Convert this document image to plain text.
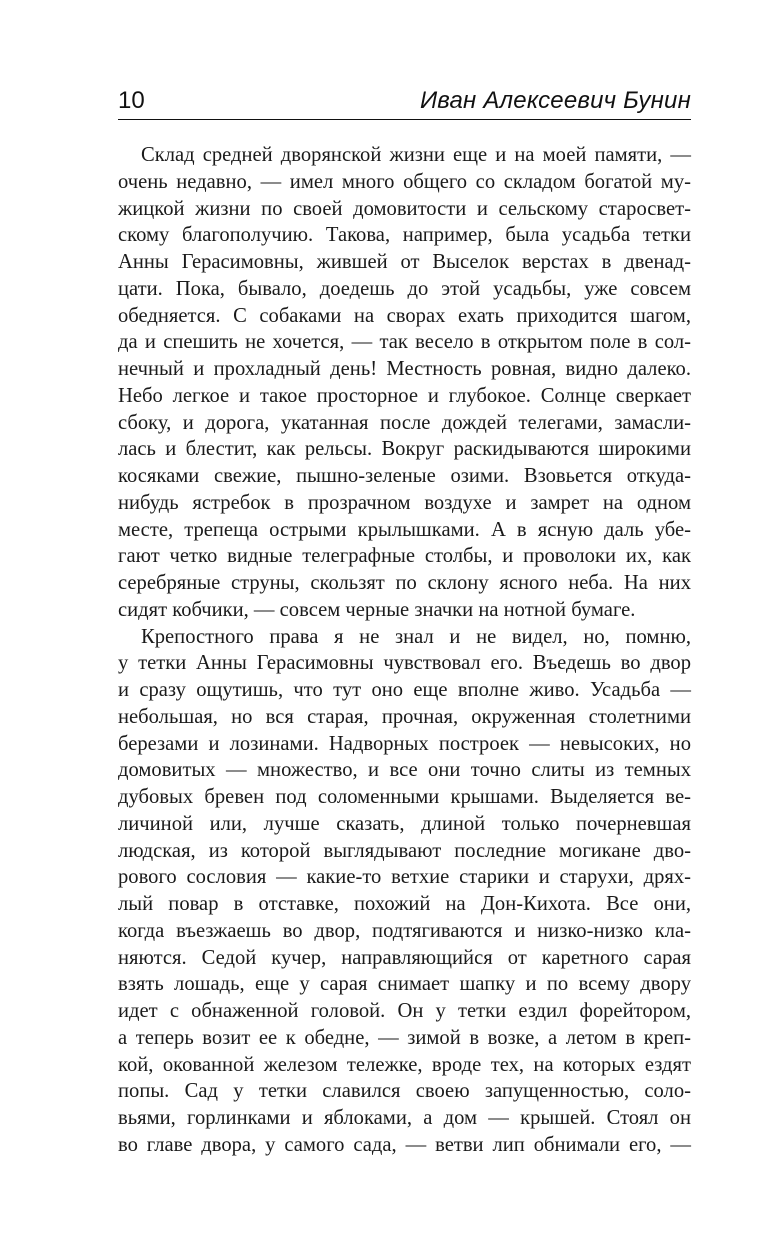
10	Иван Алексеевич Бунин
Склад средней дворянской жизни еще и на моей памяти, —
очень недавно, — имел много общего со складом богатой му-
жицкой жизни по своей домовитости и сельскому старосвет-
скому благополучию. Такова, например, была усадьба тетки
Анны Герасимовны, жившей от Выселок верстах в двенад-
цати. Пока, бывало, доедешь до этой усадьбы, уже совсем
обедняется. С собаками на сворах ехать приходится шагом,
да и спешить не хочется, — так весело в открытом поле в сол-
нечный и прохладный день! Местность ровная, видно далеко.
Небо легкое и такое просторное и глубокое. Солнце сверкает
сбоку, и дорога, укатанная после дождей телегами, замасли-
лась и блестит, как рельсы. Вокруг раскидываются широкими
косяками свежие, пышно-зеленые озими. Взовьется откуда-
нибудь ястребок в прозрачном воздухе и замрет на одном
месте, трепеща острыми крылышками. А в ясную даль убе-
гают четко видные телеграфные столбы, и проволоки их, как
серебряные струны, скользят по склону ясного неба. На них
сидят кобчики, — совсем черные значки на нотной бумаге.
Крепостного права я не знал и не видел, но, помню,
у тетки Анны Герасимовны чувствовал его. Въедешь во двор
и сразу ощутишь, что тут оно еще вполне живо. Усадьба —
небольшая, но вся старая, прочная, окруженная столетними
березами и лозинами. Надворных построек — невысоких, но
домовитых — множество, и все они точно слиты из темных
дубовых бревен под соломенными крышами. Выделяется ве-
личиной или, лучше сказать, длиной только почерневшая
людская, из которой выглядывают последние могикане дво-
рового сословия — какие-то ветхие старики и старухи, дрях-
лый повар в отставке, похожий на Дон-Кихота. Все они,
когда въезжаешь во двор, подтягиваются и низко-низко кла-
няются. Седой кучер, направляющийся от каретного сарая
взять лошадь, еще у сарая снимает шапку и по всему двору
идет с обнаженной головой. Он у тетки ездил форейтором,
а теперь возит ее к обедне, — зимой в возке, а летом в креп-
кой, окованной железом тележке, вроде тех, на которых ездят
попы. Сад у тетки славился своею запущенностью, соло-
вьями, горлинками и яблоками, а дом — крышей. Стоял он
во главе двора, у самого сада, — ветви лип обнимали его, —
